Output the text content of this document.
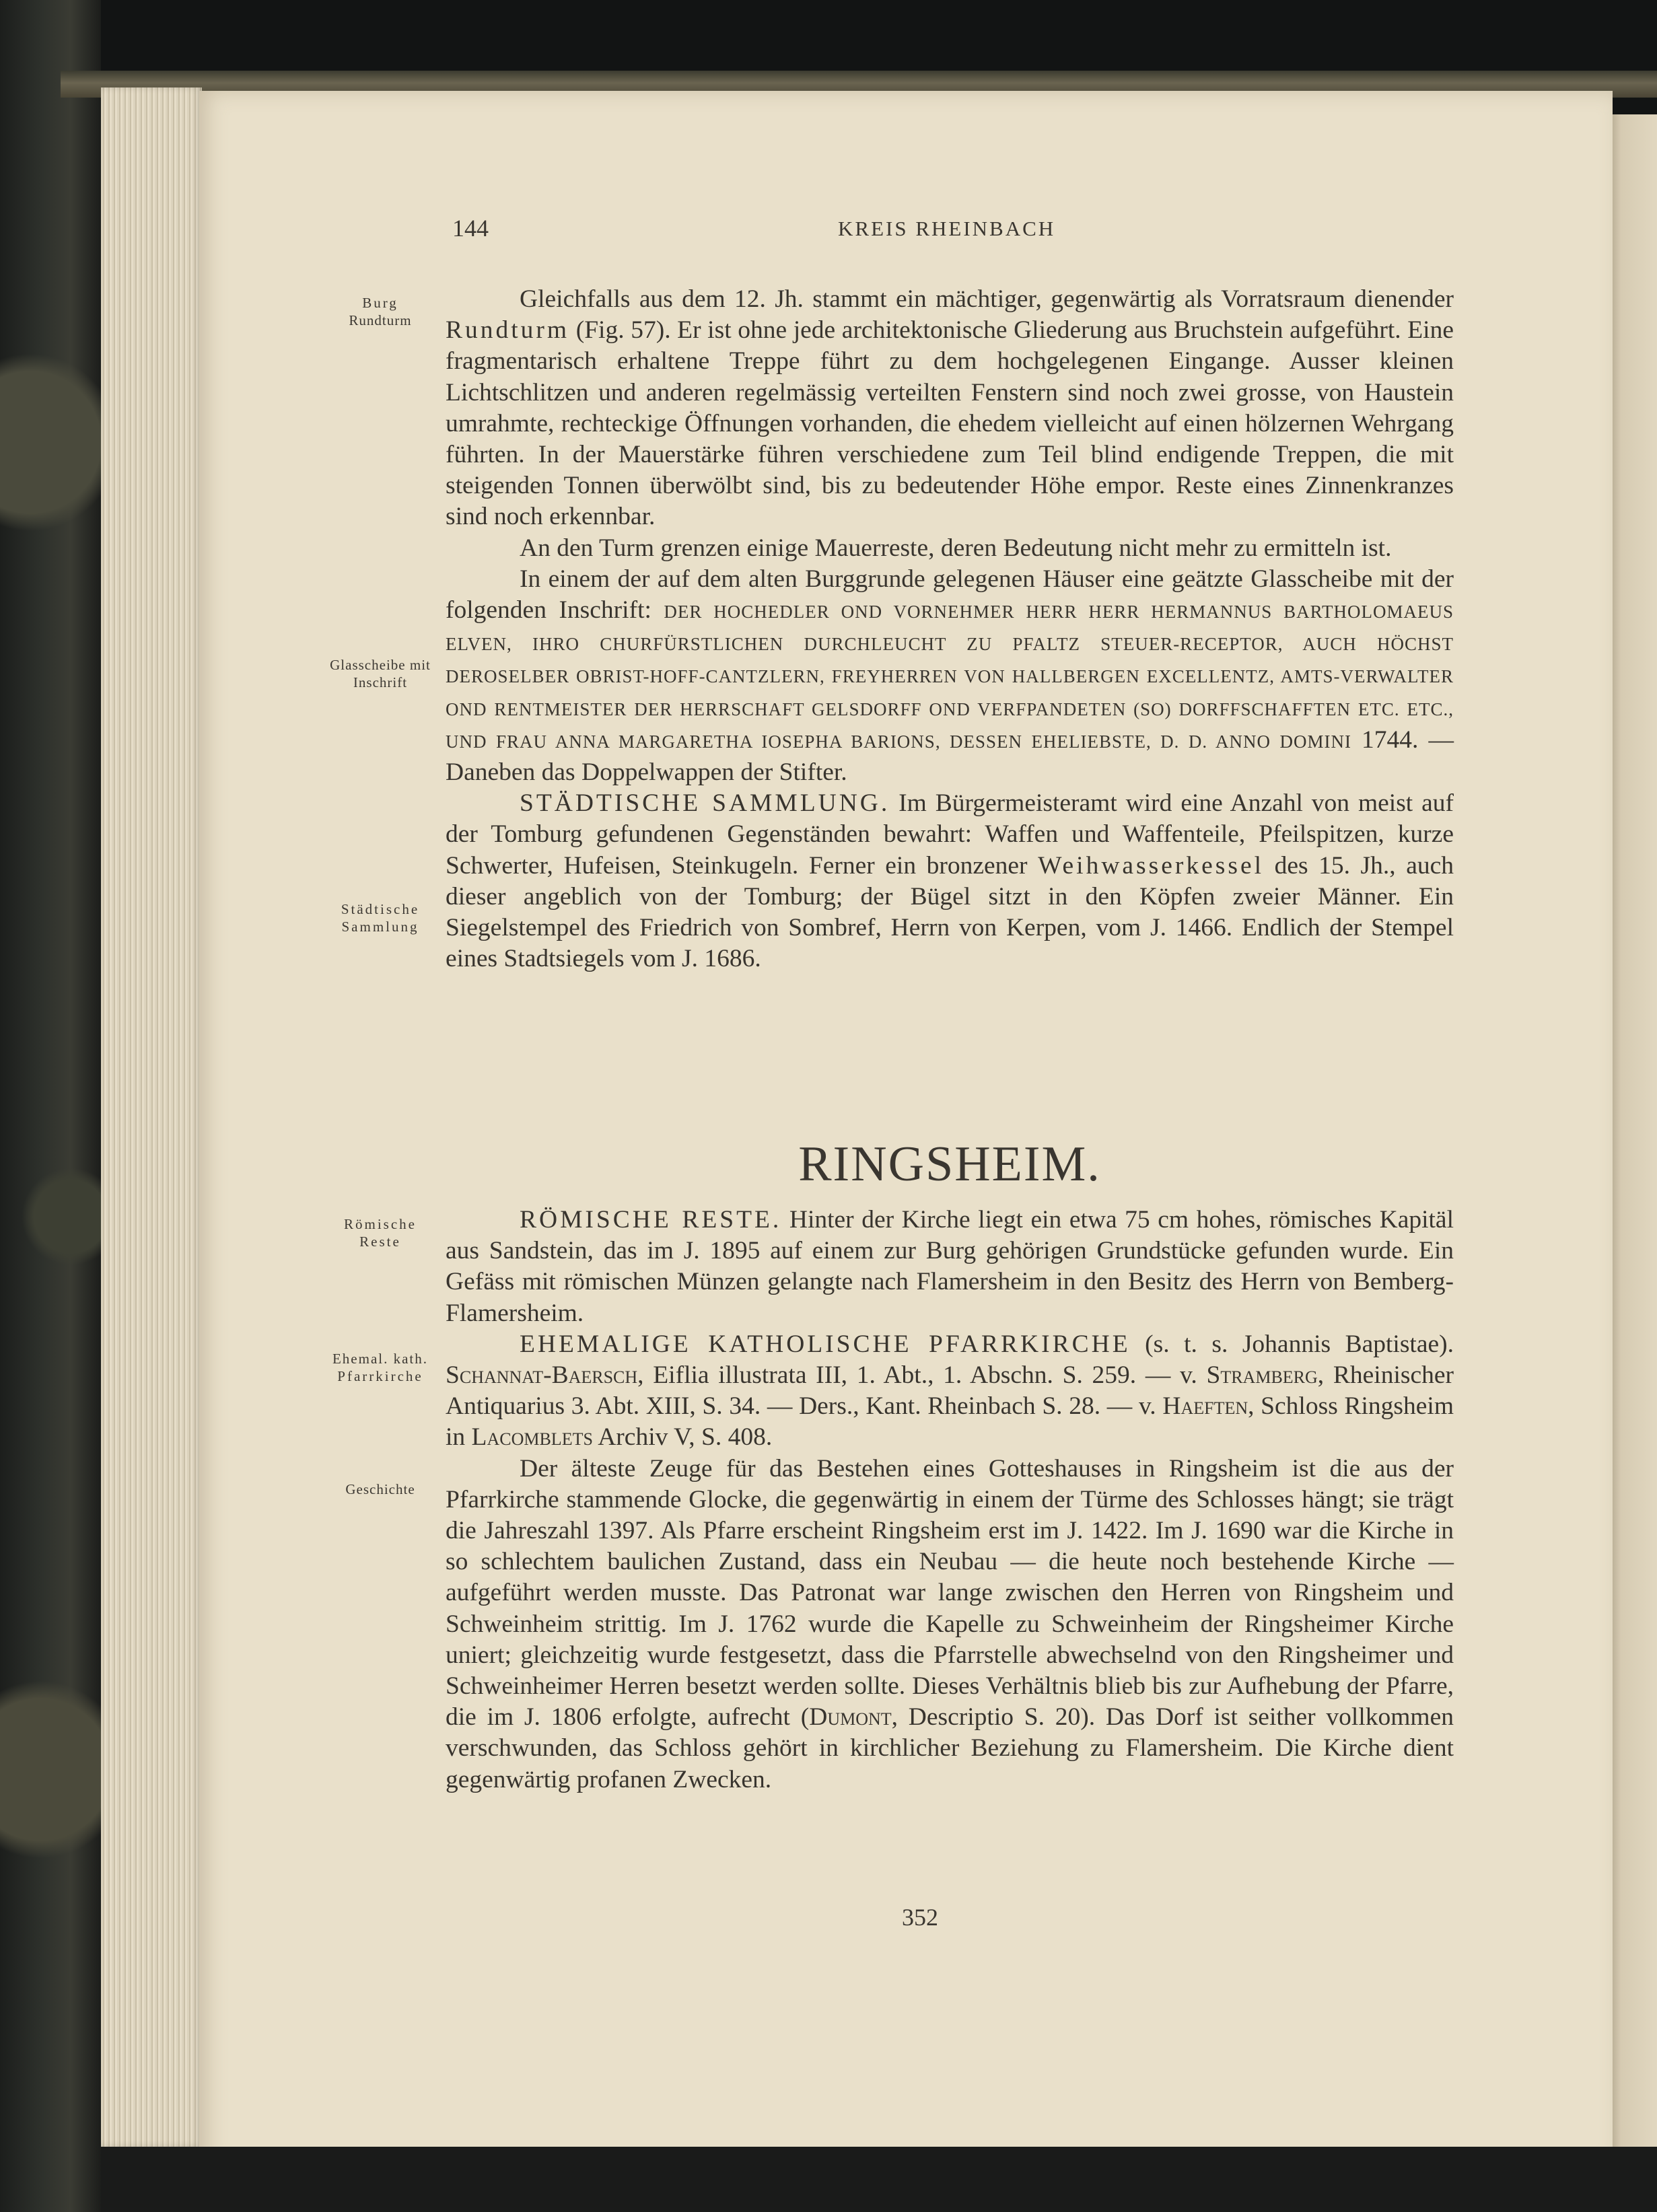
144	KREIS RHEINBACH
Burg
Rundturm
Glasscheibe mit
Inschrift
Städtische
Sammlung
Römische
Reste
Ehemal. kath.
Pfarrkirche
Geschichte

Gleichfalls aus dem 12. Jh. stammt ein mächtiger, gegenwärtig als Vorratsraum dienender Rundturm (Fig. 57). Er ist ohne jede architektonische Gliederung aus Bruchstein aufgeführt. Eine fragmentarisch erhaltene Treppe führt zu dem hochgelegenen Eingange. Ausser kleinen Lichtschlitzen und anderen regelmässig verteilten Fenstern sind noch zwei grosse, von Haustein umrahmte, rechteckige Öffnungen vorhanden, die ehedem vielleicht auf einen hölzernen Wehrgang führten. In der Mauerstärke führen verschiedene zum Teil blind endigende Treppen, die mit steigenden Tonnen überwölbt sind, bis zu bedeutender Höhe empor. Reste eines Zinnenkranzes sind noch erkennbar.

An den Turm grenzen einige Mauerreste, deren Bedeutung nicht mehr zu ermitteln ist.

In einem der auf dem alten Burggrunde gelegenen Häuser eine geätzte Glasscheibe mit der folgenden Inschrift: DER HOCHEDLER OND VORNEHMER HERR HERR HERMANNUS BARTHOLOMAEUS ELVEN, IHRO CHURFÜRSTLICHEN DURCHLEUCHT ZU PFALTZ STEUER-RECEPTOR, AUCH HÖCHST DEROSELBER OBRIST-HOFF-CANTZLERN, FREYHERREN VON HALLBERGEN EXCELLENTZ, AMTS-VERWALTER OND RENTMEISTER DER HERRSCHAFT GELSDORFF OND VERFPANDETEN (SO) DORFFSCHAFFTEN ETC. ETC., UND FRAU ANNA MARGARETHA IOSEPHA BARIONS, DESSEN EHELIEBSTE, D. D. ANNO DOMINI 1744. — Daneben das Doppelwappen der Stifter.

STÄDTISCHE SAMMLUNG. Im Bürgermeisteramt wird eine Anzahl von meist auf der Tomburg gefundenen Gegenständen bewahrt: Waffen und Waffenteile, Pfeilspitzen, kurze Schwerter, Hufeisen, Steinkugeln. Ferner ein bronzener Weihwasserkessel des 15. Jh., auch dieser angeblich von der Tomburg; der Bügel sitzt in den Köpfen zweier Männer. Ein Siegelstempel des Friedrich von Sombref, Herrn von Kerpen, vom J. 1466. Endlich der Stempel eines Stadtsiegels vom J. 1686.

RINGSHEIM.

RÖMISCHE RESTE. Hinter der Kirche liegt ein etwa 75 cm hohes, römisches Kapitäl aus Sandstein, das im J. 1895 auf einem zur Burg gehörigen Grundstücke gefunden wurde. Ein Gefäss mit römischen Münzen gelangte nach Flamersheim in den Besitz des Herrn von Bemberg-Flamersheim.

EHEMALIGE KATHOLISCHE PFARRKIRCHE (s. t. s. Johannis Baptistae). Schannat-Baersch, Eiflia illustrata III, 1. Abt., 1. Abschn. S. 259. — v. Stramberg, Rheinischer Antiquarius 3. Abt. XIII, S. 34. — Ders., Kant. Rheinbach S. 28. — v. Haeften, Schloss Ringsheim in Lacomblets Archiv V, S. 408.

Der älteste Zeuge für das Bestehen eines Gotteshauses in Ringsheim ist die aus der Pfarrkirche stammende Glocke, die gegenwärtig in einem der Türme des Schlosses hängt; sie trägt die Jahreszahl 1397. Als Pfarre erscheint Ringsheim erst im J. 1422. Im J. 1690 war die Kirche in so schlechtem baulichen Zustand, dass ein Neubau — die heute noch bestehende Kirche — aufgeführt werden musste. Das Patronat war lange zwischen den Herren von Ringsheim und Schweinheim strittig. Im J. 1762 wurde die Kapelle zu Schweinheim der Ringsheimer Kirche uniert; gleichzeitig wurde festgesetzt, dass die Pfarrstelle abwechselnd von den Ringsheimer und Schweinheimer Herren besetzt werden sollte. Dieses Verhältnis blieb bis zur Aufhebung der Pfarre, die im J. 1806 erfolgte, aufrecht (Dumont, Descriptio S. 20). Das Dorf ist seither vollkommen verschwunden, das Schloss gehört in kirchlicher Beziehung zu Flamersheim. Die Kirche dient gegenwärtig profanen Zwecken.

352
